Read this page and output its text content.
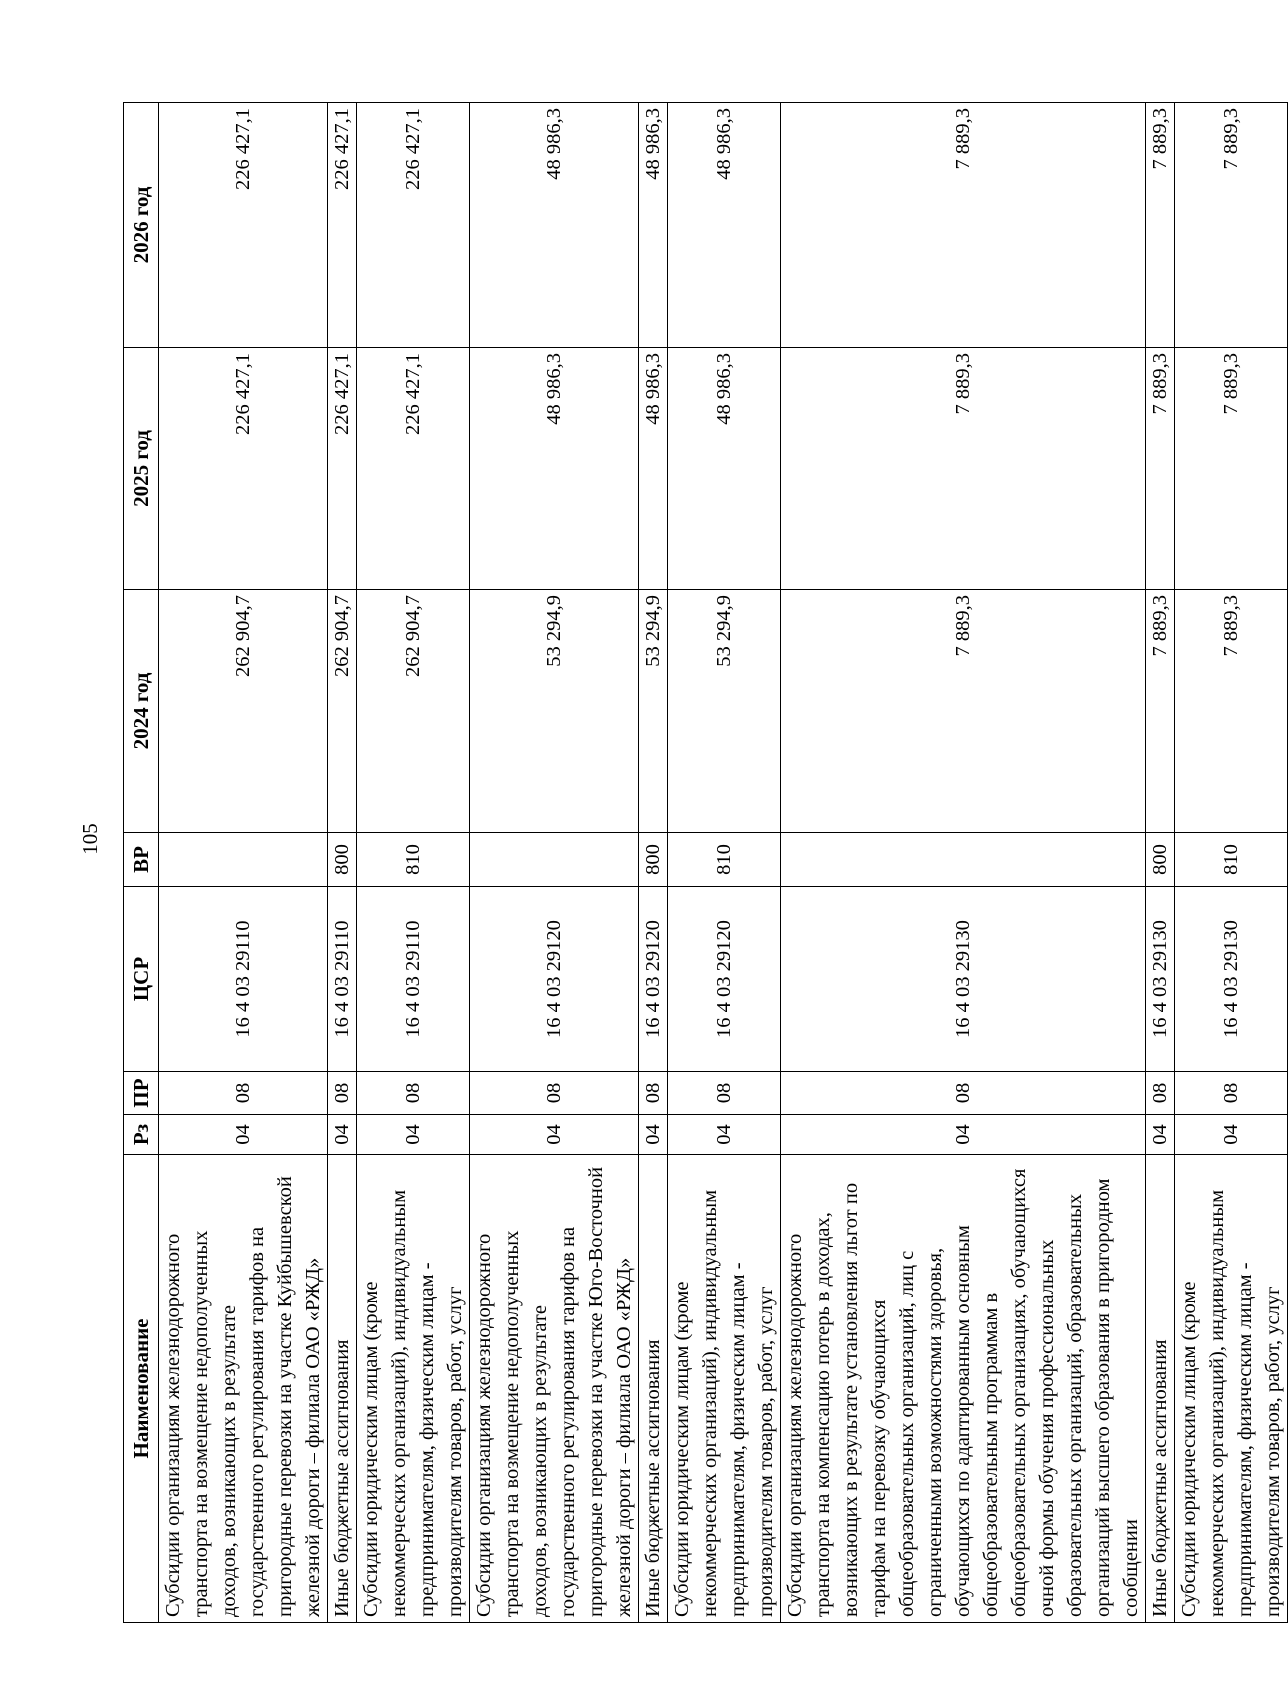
105
Наименование	Рз	ПР	ЦСР	ВР	2024 год	2025 год	2026 год
Субсидии организациям железнодорожного транспорта на возмещение недополученных доходов, возникающих в результате государственного регулирования тарифов на пригородные перевозки на участке Куйбышевской железной дороги – филиала ОАО «РЖД»	04	08	16 4 03 29110		262 904,7	226 427,1	226 427,1
Иные бюджетные ассигнования	04	08	16 4 03 29110	800	262 904,7	226 427,1	226 427,1
Субсидии юридическим лицам (кроме некоммерческих организаций), индивидуальным предпринимателям, физическим лицам - производителям товаров, работ, услуг	04	08	16 4 03 29110	810	262 904,7	226 427,1	226 427,1
Субсидии организациям железнодорожного транспорта на возмещение недополученных доходов, возникающих в результате государственного регулирования тарифов на пригородные перевозки на участке Юго-Восточной железной дороги – филиала ОАО «РЖД»	04	08	16 4 03 29120		53 294,9	48 986,3	48 986,3
Иные бюджетные ассигнования	04	08	16 4 03 29120	800	53 294,9	48 986,3	48 986,3
Субсидии юридическим лицам (кроме некоммерческих организаций), индивидуальным предпринимателям, физическим лицам - производителям товаров, работ, услуг	04	08	16 4 03 29120	810	53 294,9	48 986,3	48 986,3
Субсидии организациям железнодорожного транспорта на компенсацию потерь в доходах, возникающих в результате установления льгот по тарифам на перевозку обучающихся общеобразовательных организаций, лиц с ограниченными возможностями здоровья, обучающихся по адаптированным основным общеобразовательным программам в общеобразовательных организациях, обучающихся очной формы обучения профессиональных образовательных организаций, образовательных организаций высшего образования в пригородном сообщении	04	08	16 4 03 29130		7 889,3	7 889,3	7 889,3
Иные бюджетные ассигнования	04	08	16 4 03 29130	800	7 889,3	7 889,3	7 889,3
Субсидии юридическим лицам (кроме некоммерческих организаций), индивидуальным предпринимателям, физическим лицам - производителям товаров, работ, услуг	04	08	16 4 03 29130	810	7 889,3	7 889,3	7 889,3
